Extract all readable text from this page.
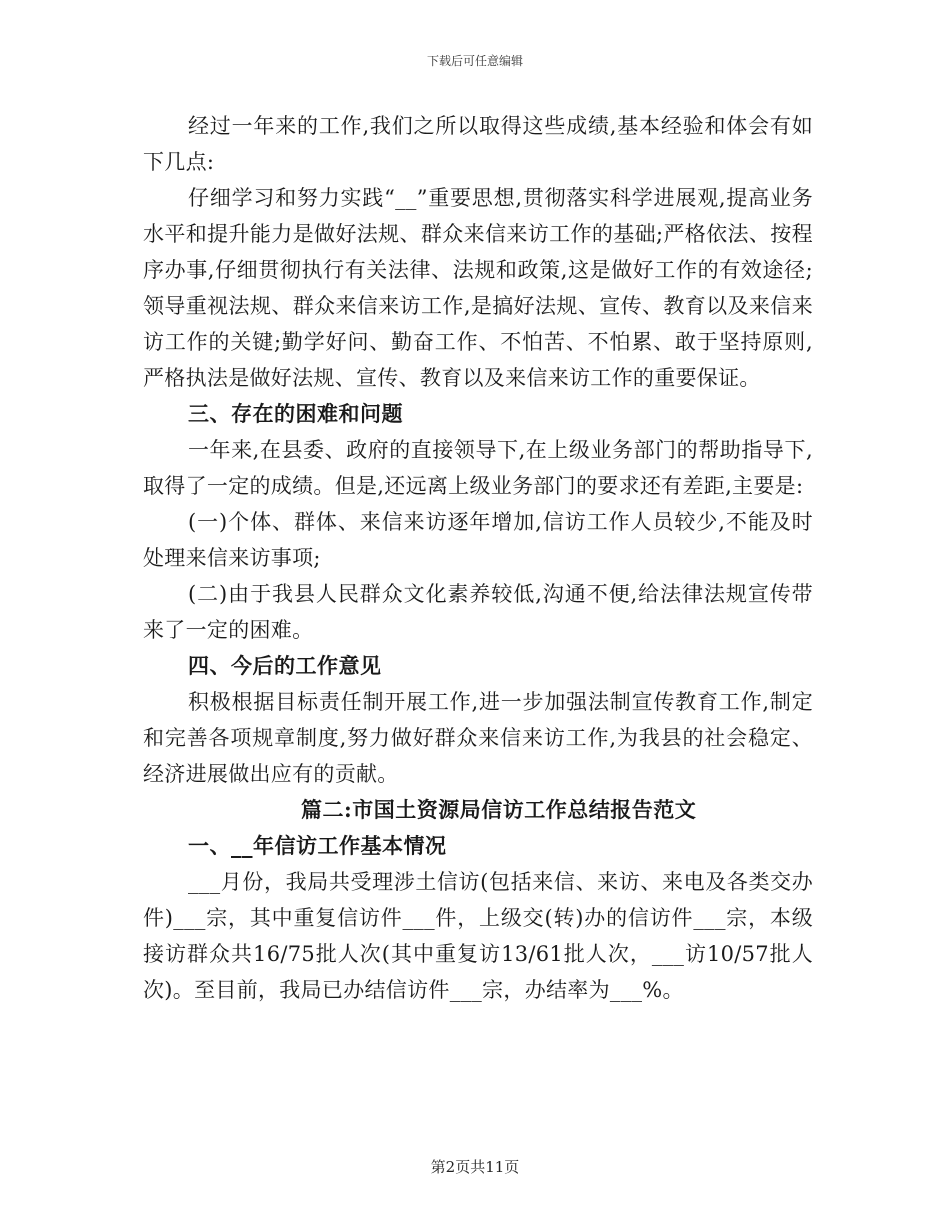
下载后可任意编辑

经过一年来的工作,我们之所以取得这些成绩,基本经验和体会有如下几点:

仔细学习和努力实践“__”重要思想,贯彻落实科学进展观,提高业务水平和提升能力是做好法规、群众来信来访工作的基础;严格依法、按程序办事,仔细贯彻执行有关法律、法规和政策,这是做好工作的有效途径;领导重视法规、群众来信来访工作,是搞好法规、宣传、教育以及来信来访工作的关键;勤学好问、勤奋工作、不怕苦、不怕累、敢于坚持原则,严格执法是做好法规、宣传、教育以及来信来访工作的重要保证。

三、存在的困难和问题

一年来,在县委、政府的直接领导下,在上级业务部门的帮助指导下,取得了一定的成绩。但是,还远离上级业务部门的要求还有差距,主要是:

(一)个体、群体、来信来访逐年增加,信访工作人员较少,不能及时处理来信来访事项;

(二)由于我县人民群众文化素养较低,沟通不便,给法律法规宣传带来了一定的困难。

四、今后的工作意见

积极根据目标责任制开展工作,进一步加强法制宣传教育工作,制定和完善各项规章制度,努力做好群众来信来访工作,为我县的社会稳定、经济进展做出应有的贡献。

篇二:市国土资源局信访工作总结报告范文

一、__年信访工作基本情况

___月份，我局共受理涉土信访(包括来信、来访、来电及各类交办件)___宗，其中重复信访件___件，上级交(转)办的信访件___宗，本级接访群众共16/75批人次(其中重复访13/61批人次，___访10/57批人次)。至目前，我局已办结信访件___宗，办结率为___%。

第2页共11页
